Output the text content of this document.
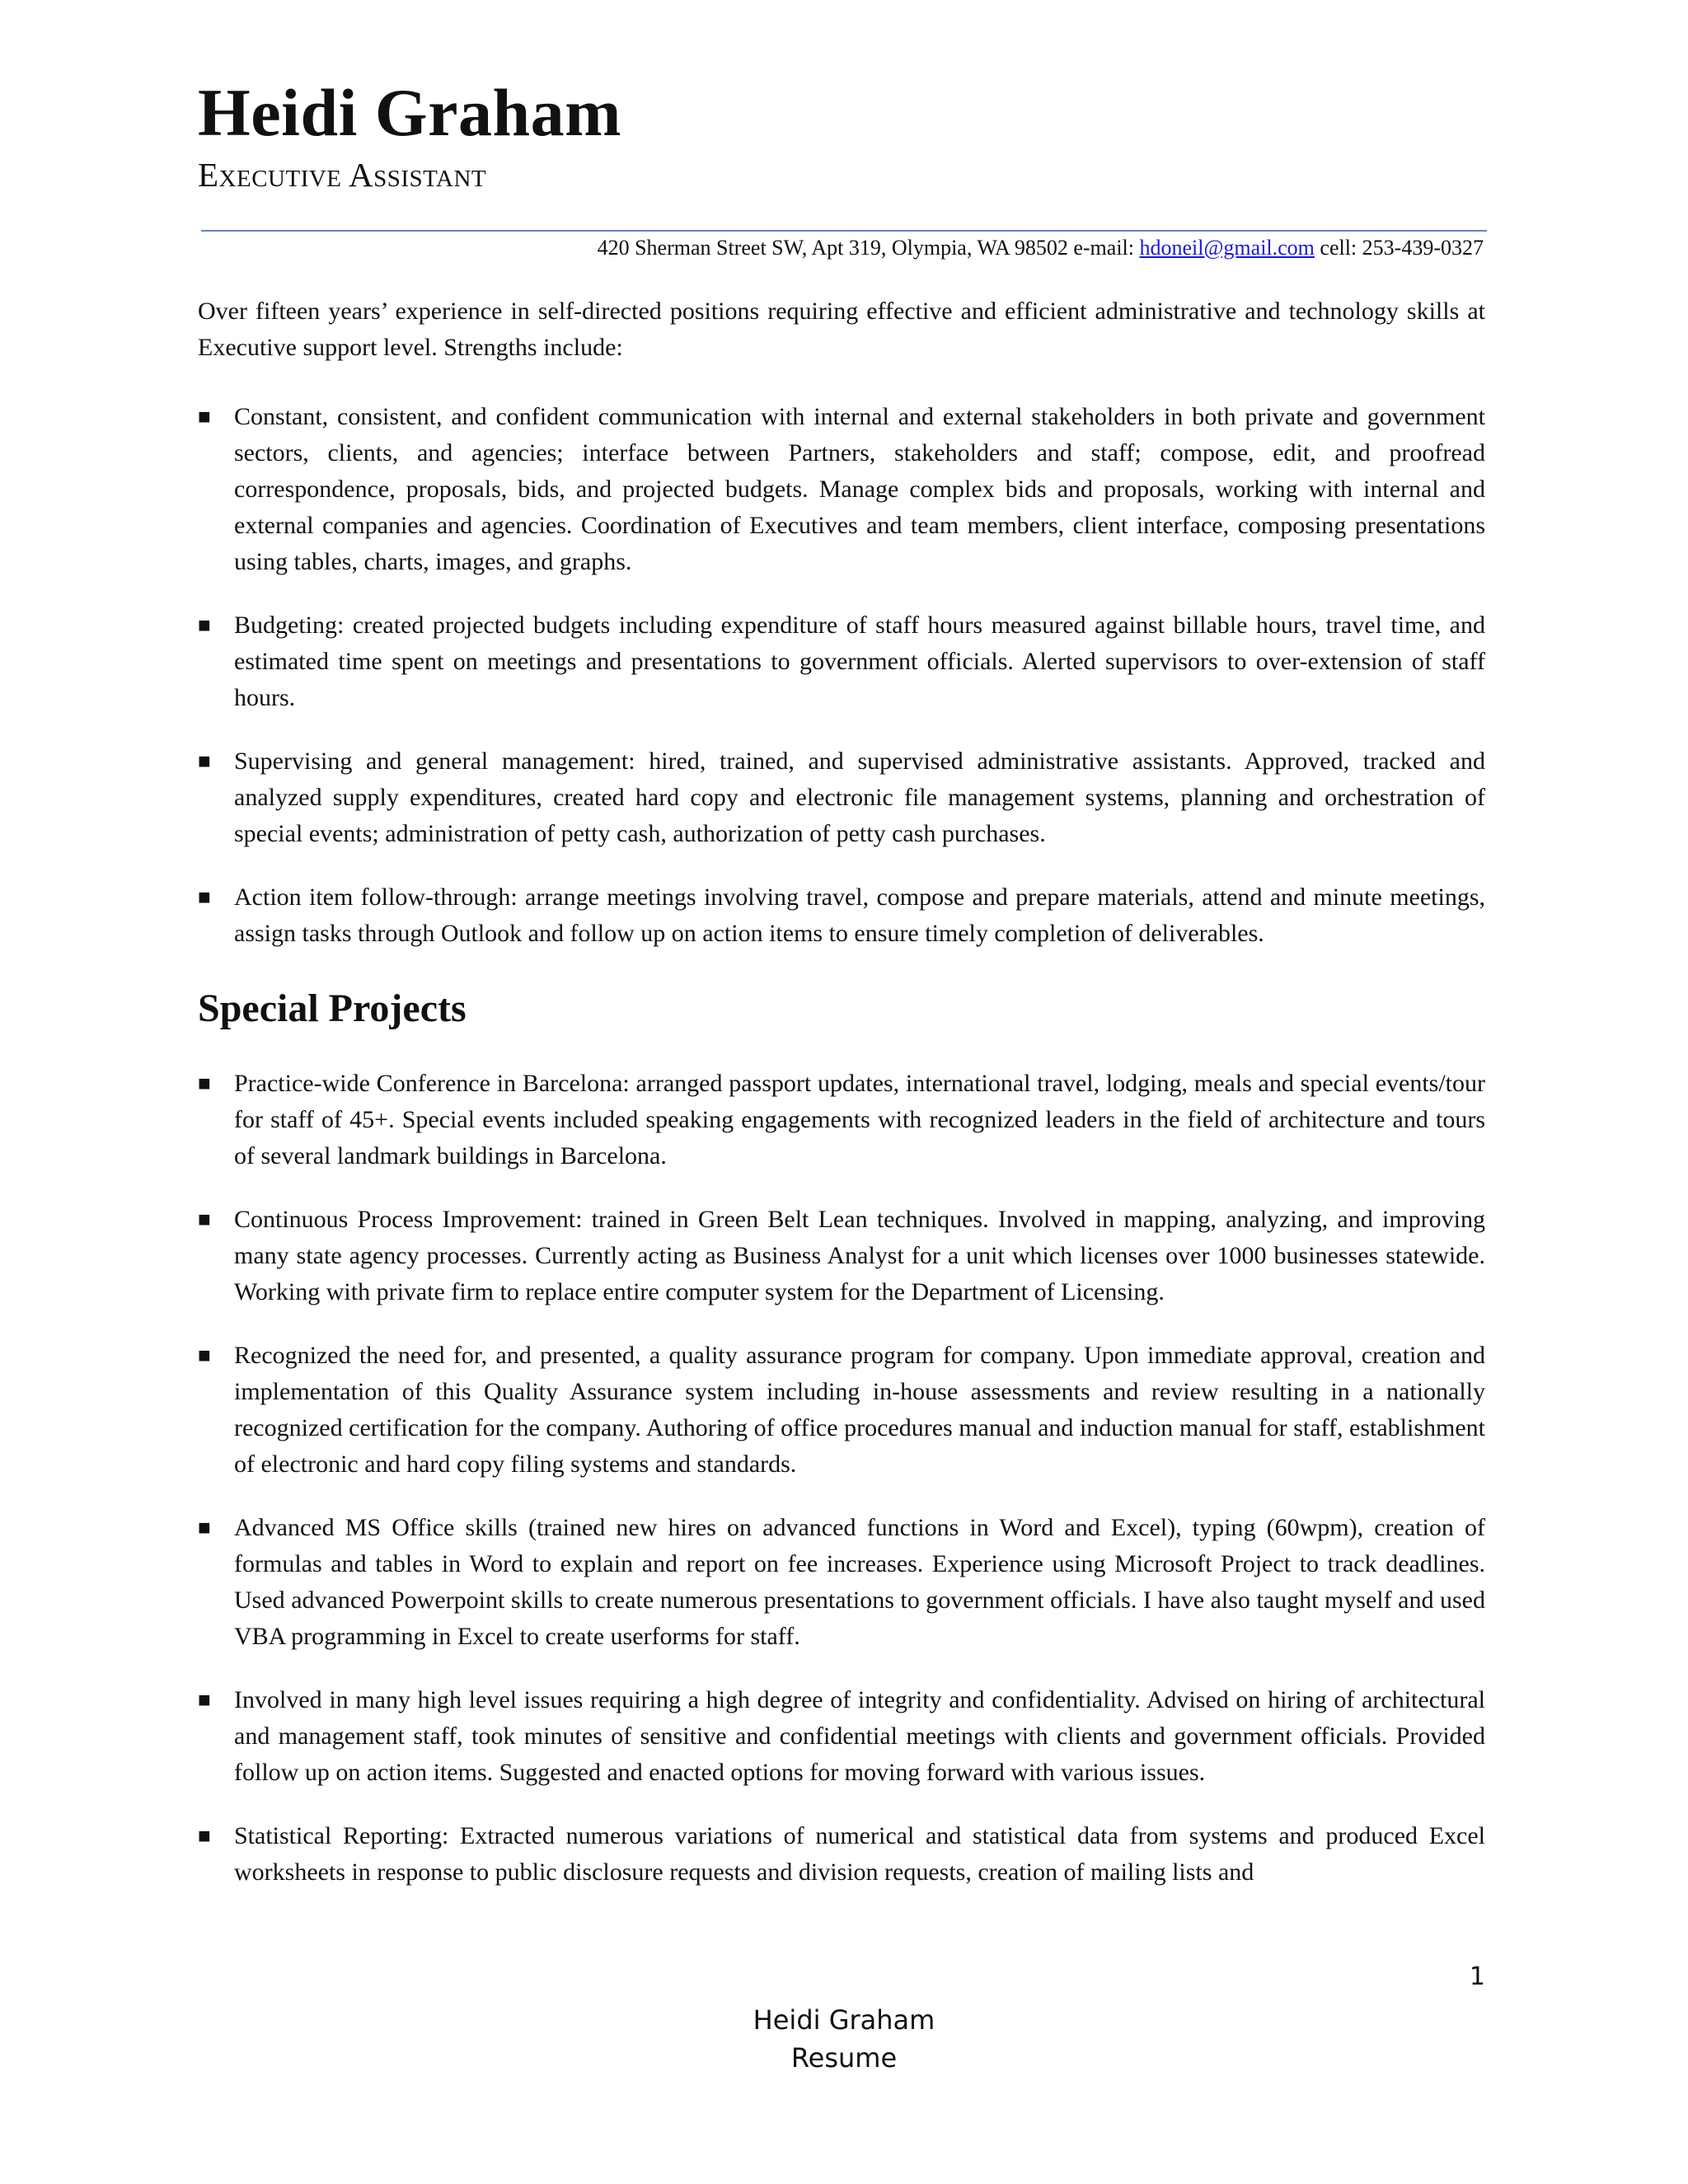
Heidi Graham
Executive Assistant
420 Sherman Street SW, Apt 319, Olympia, WA 98502 e-mail: hdoneil@gmail.com cell: 253-439-0327
Over fifteen years’ experience in self-directed positions requiring effective and efficient administrative and technology skills at Executive support level. Strengths include:
■ Constant, consistent, and confident communication with internal and external stakeholders in both private and government sectors, clients, and agencies; interface between Partners, stakeholders and staff; compose, edit, and proofread correspondence, proposals, bids, and projected budgets. Manage complex bids and proposals, working with internal and external companies and agencies. Coordination of Executives and team members, client interface, composing presentations using tables, charts, images, and graphs.
■ Budgeting: created projected budgets including expenditure of staff hours measured against billable hours, travel time, and estimated time spent on meetings and presentations to government officials. Alerted supervisors to over-extension of staff hours.
■ Supervising and general management: hired, trained, and supervised administrative assistants. Approved, tracked and analyzed supply expenditures, created hard copy and electronic file management systems, planning and orchestration of special events; administration of petty cash, authorization of petty cash purchases.
■ Action item follow-through: arrange meetings involving travel, compose and prepare materials, attend and minute meetings, assign tasks through Outlook and follow up on action items to ensure timely completion of deliverables.
Special Projects
■ Practice-wide Conference in Barcelona: arranged passport updates, international travel, lodging, meals and special events/tour for staff of 45+. Special events included speaking engagements with recognized leaders in the field of architecture and tours of several landmark buildings in Barcelona.
■ Continuous Process Improvement: trained in Green Belt Lean techniques. Involved in mapping, analyzing, and improving many state agency processes. Currently acting as Business Analyst for a unit which licenses over 1000 businesses statewide. Working with private firm to replace entire computer system for the Department of Licensing.
■ Recognized the need for, and presented, a quality assurance program for company. Upon immediate approval, creation and implementation of this Quality Assurance system including in-house assessments and review resulting in a nationally recognized certification for the company. Authoring of office procedures manual and induction manual for staff, establishment of electronic and hard copy filing systems and standards.
■ Advanced MS Office skills (trained new hires on advanced functions in Word and Excel), typing (60wpm), creation of formulas and tables in Word to explain and report on fee increases. Experience using Microsoft Project to track deadlines. Used advanced Powerpoint skills to create numerous presentations to government officials. I have also taught myself and used VBA programming in Excel to create userforms for staff.
■ Involved in many high level issues requiring a high degree of integrity and confidentiality. Advised on hiring of architectural and management staff, took minutes of sensitive and confidential meetings with clients and government officials. Provided follow up on action items. Suggested and enacted options for moving forward with various issues.
■ Statistical Reporting: Extracted numerous variations of numerical and statistical data from systems and produced Excel worksheets in response to public disclosure requests and division requests, creation of mailing lists and
1
Heidi Graham
Resume
